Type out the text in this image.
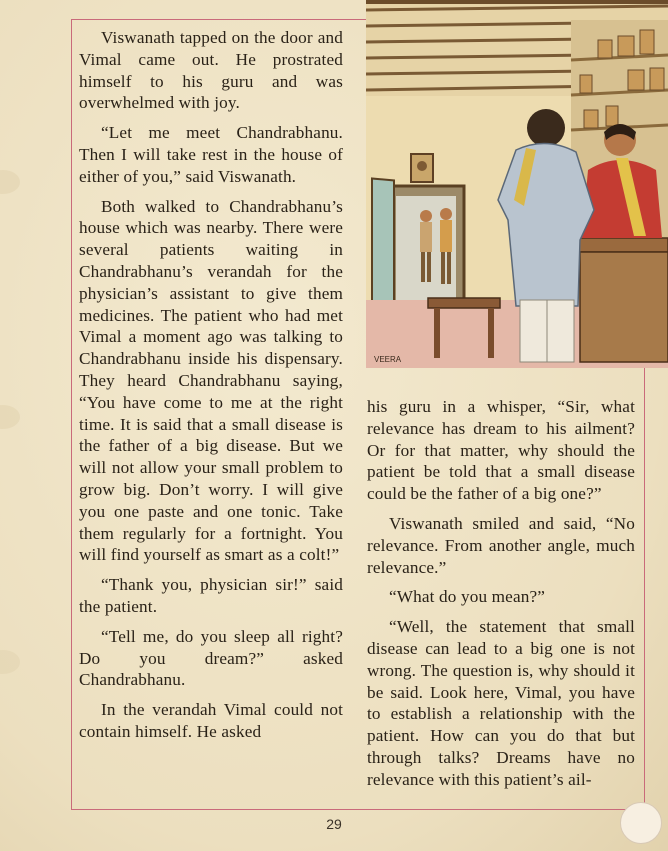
Viswanath tapped on the door and Vimal came out. He prostrated himself to his guru and was overwhelmed with joy.

“Let me meet Chandrabhanu. Then I will take rest in the house of either of you,” said Viswanath.

Both walked to Chandrabhanu’s house which was nearby. There were several patients waiting in Chandrabhanu’s verandah for the physician’s assistant to give them medicines. The patient who had met Vimal a moment ago was talking to Chandrabhanu inside his dispensary. They heard Chandrabhanu saying, “You have come to me at the right time. It is said that a small disease is the father of a big disease. But we will not allow your small problem to grow big. Don’t worry. I will give you one paste and one tonic. Take them regularly for a fortnight. You will find yourself as smart as a colt!”

“Thank you, physician sir!” said the patient.

“Tell me, do you sleep all right? Do you dream?” asked Chandrabhanu.

In the verandah Vimal could not contain himself. He asked

VEERA

his guru in a whisper, “Sir, what relevance has dream to his ailment? Or for that matter, why should the patient be told that a small disease could be the father of a big one?”

Viswanath smiled and said, “No relevance. From another angle, much relevance.”

“What do you mean?”

“Well, the statement that small disease can lead to a big one is not wrong. The question is, why should it be said. Look here, Vimal, you have to establish a relationship with the patient. How can you do that but through talks? Dreams have no relevance with this patient’s ail-

29
